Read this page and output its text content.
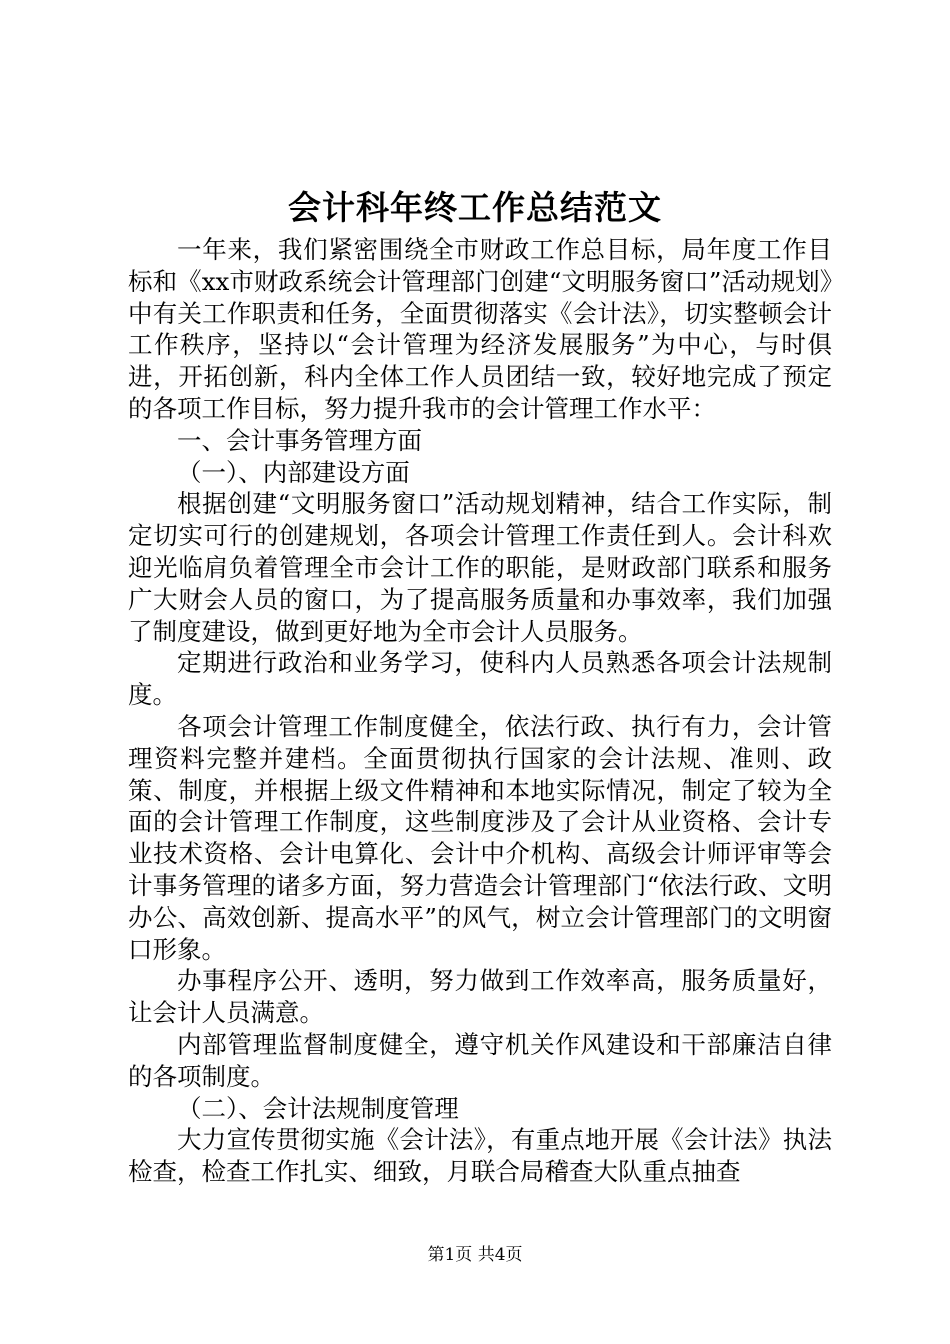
会计科年终工作总结范文

一年来，我们紧密围绕全市财政工作总目标，局年度工作目标和《xx市财政系统会计管理部门创建“文明服务窗口”活动规划》中有关工作职责和任务，全面贯彻落实《会计法》，切实整顿会计工作秩序，坚持以“会计管理为经济发展服务”为中心，与时俱进，开拓创新，科内全体工作人员团结一致，较好地完成了预定的各项工作目标，努力提升我市的会计管理工作水平：

一、会计事务管理方面

（一）、内部建设方面

根据创建“文明服务窗口”活动规划精神，结合工作实际，制定切实可行的创建规划，各项会计管理工作责任到人。会计科欢迎光临肩负着管理全市会计工作的职能，是财政部门联系和服务广大财会人员的窗口，为了提高服务质量和办事效率，我们加强了制度建设，做到更好地为全市会计人员服务。

定期进行政治和业务学习，使科内人员熟悉各项会计法规制度。

各项会计管理工作制度健全，依法行政、执行有力，会计管理资料完整并建档。全面贯彻执行国家的会计法规、准则、政策、制度，并根据上级文件精神和本地实际情况，制定了较为全面的会计管理工作制度，这些制度涉及了会计从业资格、会计专业技术资格、会计电算化、会计中介机构、高级会计师评审等会计事务管理的诸多方面，努力营造会计管理部门“依法行政、文明办公、高效创新、提高水平”的风气，树立会计管理部门的文明窗口形象。

办事程序公开、透明，努力做到工作效率高，服务质量好，让会计人员满意。

内部管理监督制度健全，遵守机关作风建设和干部廉洁自律的各项制度。

（二）、会计法规制度管理

大力宣传贯彻实施《会计法》，有重点地开展《会计法》执法检查，检查工作扎实、细致，月联合局稽查大队重点抽查

第1页 共4页
